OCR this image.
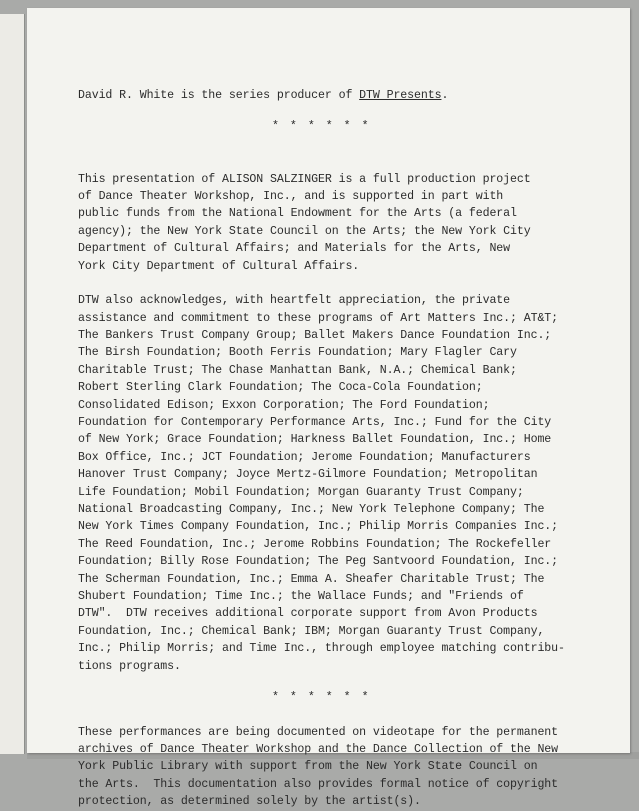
David R. White is the series producer of DTW Presents.
* * * * * *
This presentation of ALISON SALZINGER is a full production project
of Dance Theater Workshop, Inc., and is supported in part with
public funds from the National Endowment for the Arts (a federal
agency); the New York State Council on the Arts; the New York City
Department of Cultural Affairs; and Materials for the Arts, New
York City Department of Cultural Affairs.
DTW also acknowledges, with heartfelt appreciation, the private
assistance and commitment to these programs of Art Matters Inc.; AT&T;
The Bankers Trust Company Group; Ballet Makers Dance Foundation Inc.;
The Birsh Foundation; Booth Ferris Foundation; Mary Flagler Cary
Charitable Trust; The Chase Manhattan Bank, N.A.; Chemical Bank;
Robert Sterling Clark Foundation; The Coca-Cola Foundation;
Consolidated Edison; Exxon Corporation; The Ford Foundation;
Foundation for Contemporary Performance Arts, Inc.; Fund for the City
of New York; Grace Foundation; Harkness Ballet Foundation, Inc.; Home
Box Office, Inc.; JCT Foundation; Jerome Foundation; Manufacturers
Hanover Trust Company; Joyce Mertz-Gilmore Foundation; Metropolitan
Life Foundation; Mobil Foundation; Morgan Guaranty Trust Company;
National Broadcasting Company, Inc.; New York Telephone Company; The
New York Times Company Foundation, Inc.; Philip Morris Companies Inc.;
The Reed Foundation, Inc.; Jerome Robbins Foundation; The Rockefeller
Foundation; Billy Rose Foundation; The Peg Santvoord Foundation, Inc.;
The Scherman Foundation, Inc.; Emma A. Sheafer Charitable Trust; The
Shubert Foundation; Time Inc.; the Wallace Funds; and "Friends of
DTW".  DTW receives additional corporate support from Avon Products
Foundation, Inc.; Chemical Bank; IBM; Morgan Guaranty Trust Company,
Inc.; Philip Morris; and Time Inc., through employee matching contribu-
tions programs.
* * * * * *
These performances are being documented on videotape for the permanent
archives of Dance Theater Workshop and the Dance Collection of the New
York Public Library with support from the New York State Council on
the Arts.  This documentation also provides formal notice of copyright
protection, as determined solely by the artist(s).
